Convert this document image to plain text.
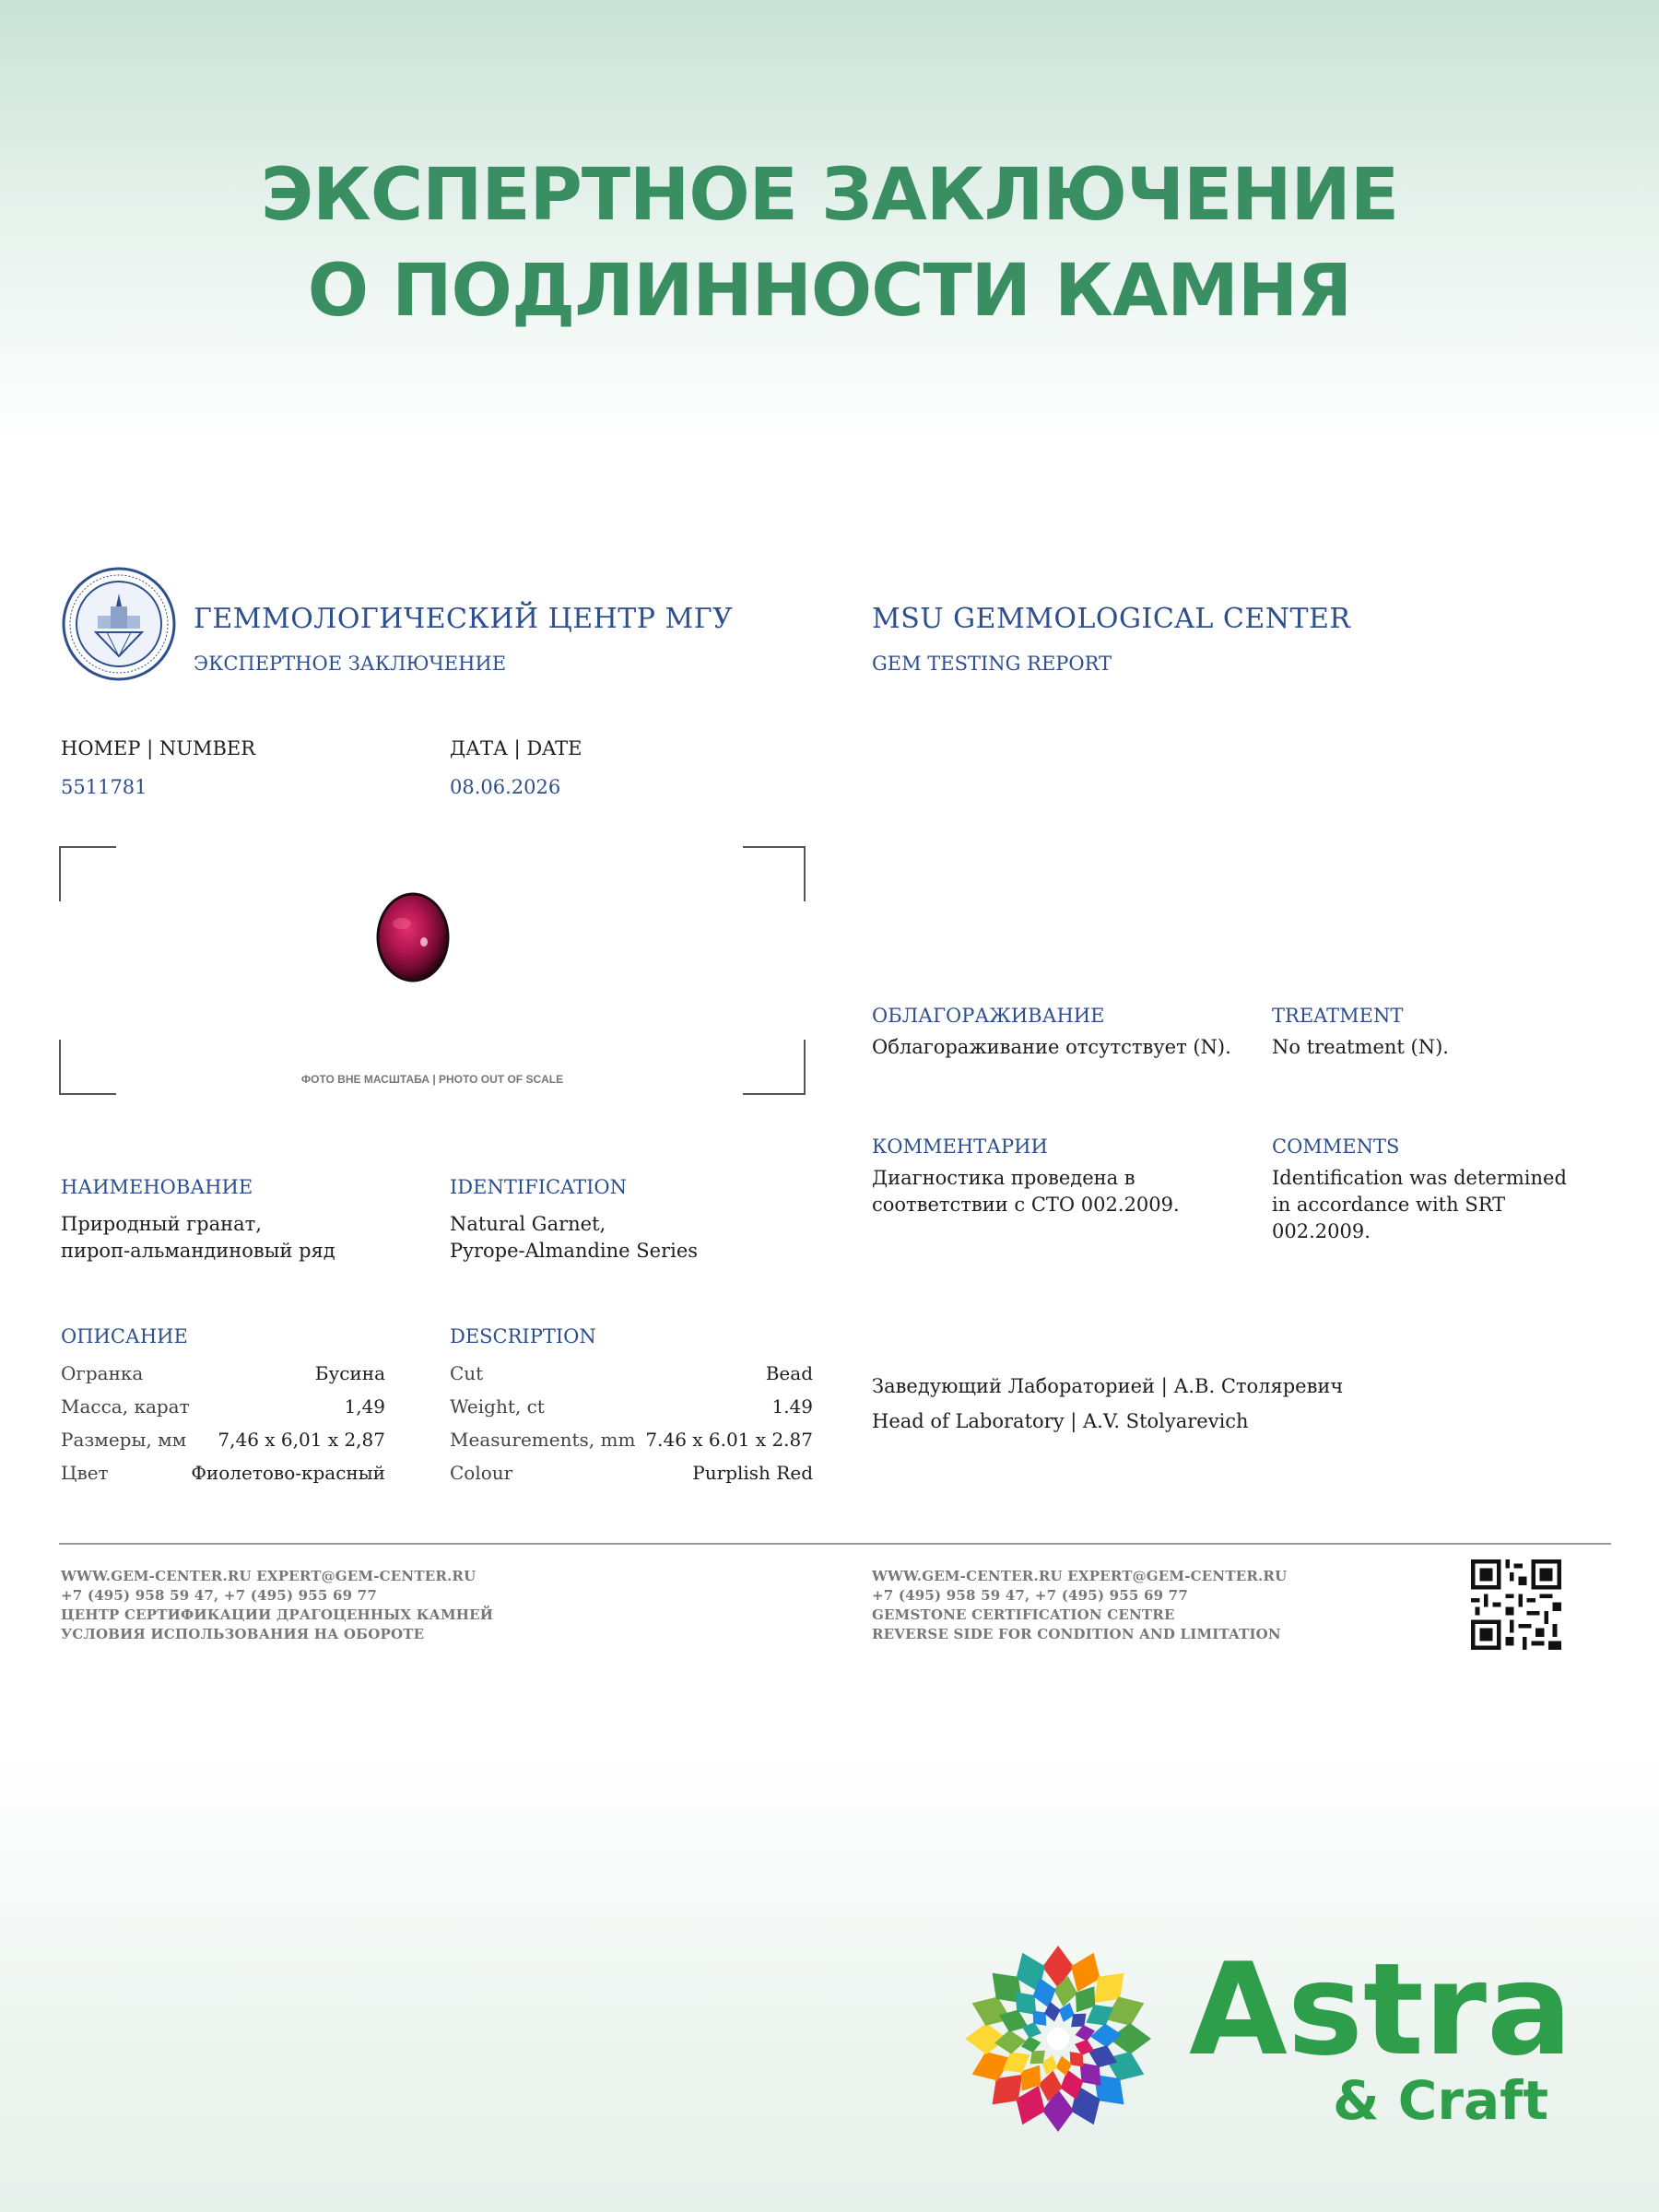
ЭКСПЕРТНОЕ ЗАКЛЮЧЕНИЕ
О ПОДЛИННОСТИ КАМНЯ
ГЕММОЛОГИЧЕСКИЙ ЦЕНТР МГУ
ЭКСПЕРТНОЕ ЗАКЛЮЧЕНИЕ
MSU GEMMOLOGICAL CENTER
GEM TESTING REPORT
НОМЕР | NUMBER
5511781
ДАТА | DATE
08.06.2026
ФОТО ВНЕ МАСШТАБА | PHOTO OUT OF SCALE
ОБЛАГОРАЖИВАНИЕ
Облагораживание отсутствует (N).
TREATMENT
No treatment (N).
КОММЕНТАРИИ
Диагностика проведена в
соответствии с СТО 002.2009.
COMMENTS
Identification was determined
in accordance with SRT
002.2009.
НАИМЕНОВАНИЕ
Природный гранат,
пироп-альмандиновый ряд
IDENTIFICATION
Natural Garnet,
Pyrope-Almandine Series
ОПИСАНИЕ	DESCRIPTION
Огранка	Бусина
Масса, карат	1,49
Размеры, мм 7,46 x 6,01 x 2,87
Цвет	Фиолетово-красный
Cut	Bead
Weight, ct	1.49
Measurements, mm 7.46 x 6.01 x 2.87
Colour	Purplish Red
Заведующий Лабораторией | А.В. Столяревич
Head of Laboratory | A.V. Stolyarevich
WWW.GEM-CENTER.RU EXPERT@GEM-CENTER.RU
+7 (495) 958 59 47, +7 (495) 955 69 77
ЦЕНТР СЕРТИФИКАЦИИ ДРАГОЦЕННЫХ КАМНЕЙ
УСЛОВИЯ ИСПОЛЬЗОВАНИЯ НА ОБОРОТЕ
WWW.GEM-CENTER.RU EXPERT@GEM-CENTER.RU
+7 (495) 958 59 47, +7 (495) 955 69 77
GEMSTONE CERTIFICATION CENTRE
REVERSE SIDE FOR CONDITION AND LIMITATION
Astra
& Craft
